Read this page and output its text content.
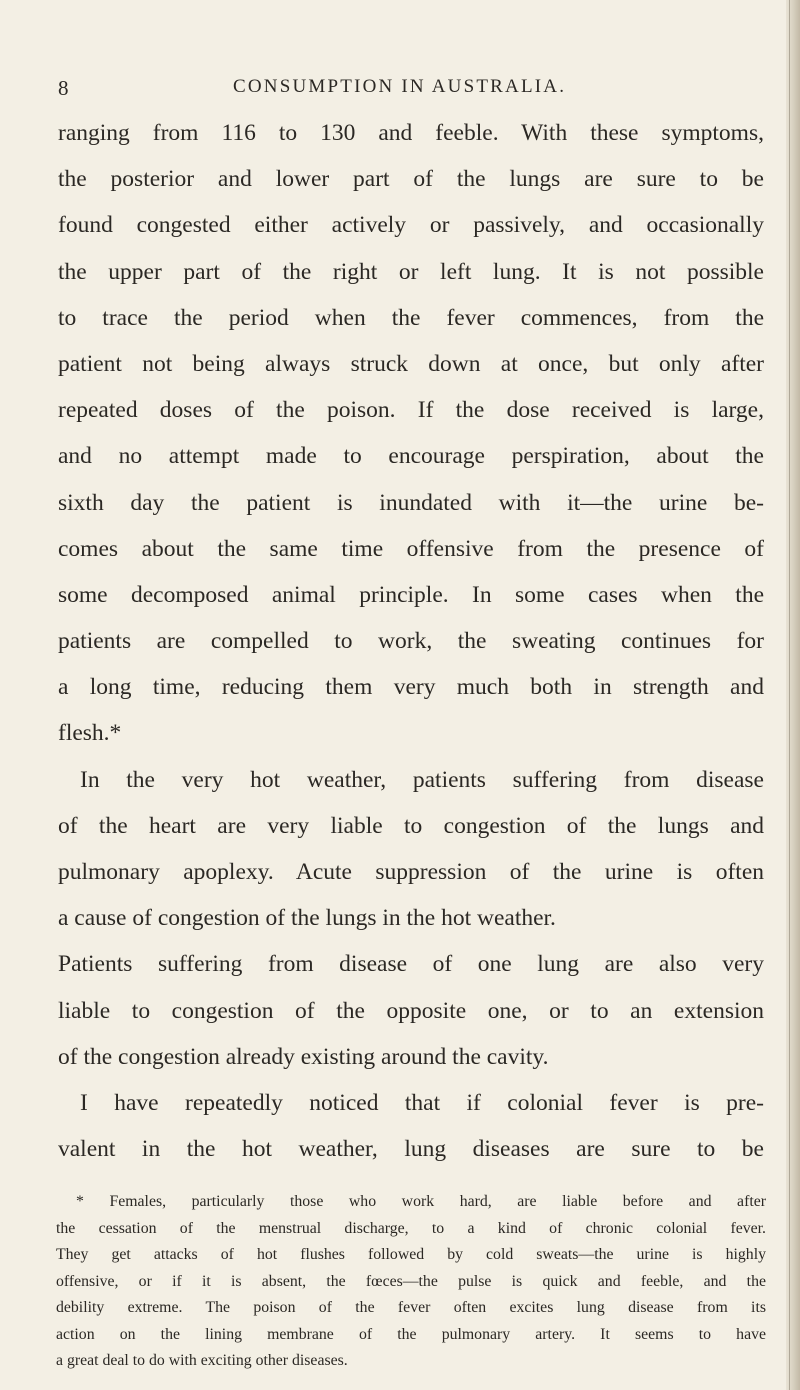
8	CONSUMPTION IN AUSTRALIA.
ranging from 116 to 130 and feeble. With these symptoms,
the posterior and lower part of the lungs are sure to be
found congested either actively or passively, and occasionally
the upper part of the right or left lung. It is not possible
to trace the period when the fever commences, from the
patient not being always struck down at once, but only after
repeated doses of the poison. If the dose received is large,
and no attempt made to encourage perspiration, about the
sixth day the patient is inundated with it—the urine be-
comes about the same time offensive from the presence of
some decomposed animal principle. In some cases when the
patients are compelled to work, the sweating continues for
a long time, reducing them very much both in strength and
flesh.*
In the very hot weather, patients suffering from disease
of the heart are very liable to congestion of the lungs and
pulmonary apoplexy. Acute suppression of the urine is often
a cause of congestion of the lungs in the hot weather.
Patients suffering from disease of one lung are also very
liable to congestion of the opposite one, or to an extension
of the congestion already existing around the cavity.
I have repeatedly noticed that if colonial fever is pre-
valent in the hot weather, lung diseases are sure to be
* Females, particularly those who work hard, are liable before and after
the cessation of the menstrual discharge, to a kind of chronic colonial fever.
They get attacks of hot flushes followed by cold sweats—the urine is highly
offensive, or if it is absent, the fœces—the pulse is quick and feeble, and the
debility extreme. The poison of the fever often excites lung disease from its
action on the lining membrane of the pulmonary artery. It seems to have
a great deal to do with exciting other diseases.
